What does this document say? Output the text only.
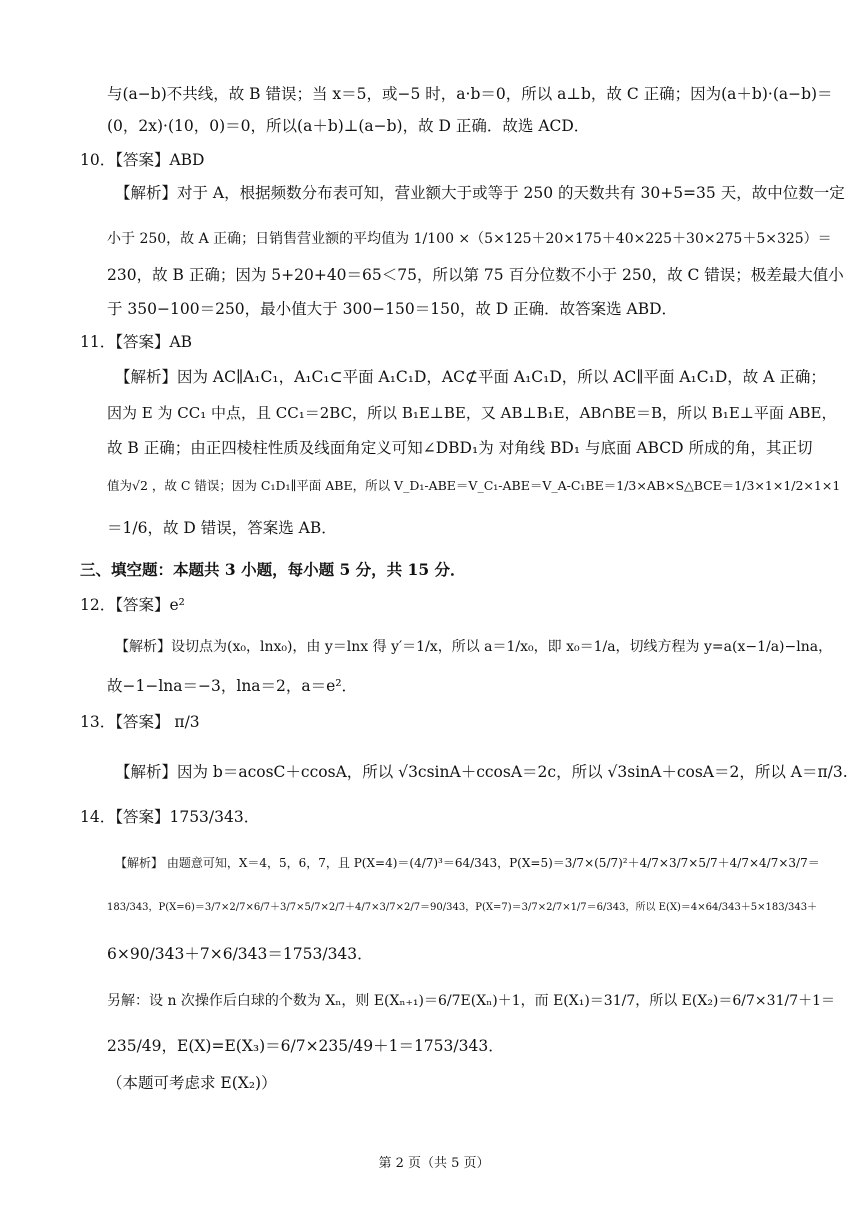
与(a−b)不共线，故 B 错误；当 x＝5，或−5 时，a·b＝0，所以 a⊥b，故 C 正确；因为(a＋b)·(a−b)＝
(0，2x)·(10，0)＝0，所以(a＋b)⊥(a−b)，故 D 正确．故选 ACD．
10．【答案】ABD
【解析】对于 A，根据频数分布表可知，营业额大于或等于 250 的天数共有 30+5=35 天，故中位数一定
小于 250，故 A 正确；日销售营业额的平均值为 1/100 ×（5×125＋20×175＋40×225＋30×275＋5×325）＝
230，故 B 正确；因为 5+20+40＝65＜75，所以第 75 百分位数不小于 250，故 C 错误；极差最大值小
于 350−100＝250，最小值大于 300−150＝150，故 D 正确．故答案选 ABD．
11．【答案】AB
【解析】因为 AC∥A₁C₁，A₁C₁⊂平面 A₁C₁D，AC⊄平面 A₁C₁D，所以 AC∥平面 A₁C₁D，故 A 正确；
因为 E 为 CC₁ 中点，且 CC₁＝2BC，所以 B₁E⊥BE，又 AB⊥B₁E，AB∩BE＝B，所以 B₁E⊥平面 ABE，
故 B 正确；由正四棱柱性质及线面角定义可知∠DBD₁为 对角线 BD₁ 与底面 ABCD 所成的角，其正切
值为√2 ，故 C 错误；因为 C₁D₁∥平面 ABE，所以 V_D₁-ABE＝V_C₁-ABE＝V_A-C₁BE＝1/3×AB×S△BCE＝1/3×1×1/2×1×1
＝1/6，故 D 错误，答案选 AB．
三、填空题：本题共 3 小题，每小题 5 分，共 15 分．
12．【答案】e²
【解析】设切点为(x₀，lnx₀)，由 y＝lnx 得 y′＝1/x，所以 a＝1/x₀，即 x₀＝1/a，切线方程为 y=a(x−1/a)−lna，
故−1−lna＝−3，lna＝2，a＝e²．
13．【答案】 π/3
【解析】因为 b＝acosC＋ccosA，所以 √3csinA＋ccosA＝2c，所以 √3sinA＋cosA＝2，所以 A＝π/3.
14．【答案】1753/343．
【解析】 由题意可知，X＝4，5，6，7，且 P(X=4)＝(4/7)³＝64/343，P(X=5)＝3/7×(5/7)²＋4/7×3/7×5/7＋4/7×4/7×3/7＝
183/343，P(X=6)＝3/7×2/7×6/7＋3/7×5/7×2/7＋4/7×3/7×2/7＝90/343，P(X=7)＝3/7×2/7×1/7＝6/343，所以 E(X)＝4×64/343＋5×183/343＋
6×90/343＋7×6/343＝1753/343．
另解：设 n 次操作后白球的个数为 Xₙ，则 E(Xₙ₊₁)＝6/7E(Xₙ)＋1，而 E(X₁)＝31/7，所以 E(X₂)＝6/7×31/7＋1＝
235/49，E(X)=E(X₃)＝6/7×235/49＋1＝1753/343．
（本题可考虑求 E(X₂)）
第 2 页（共 5 页）
